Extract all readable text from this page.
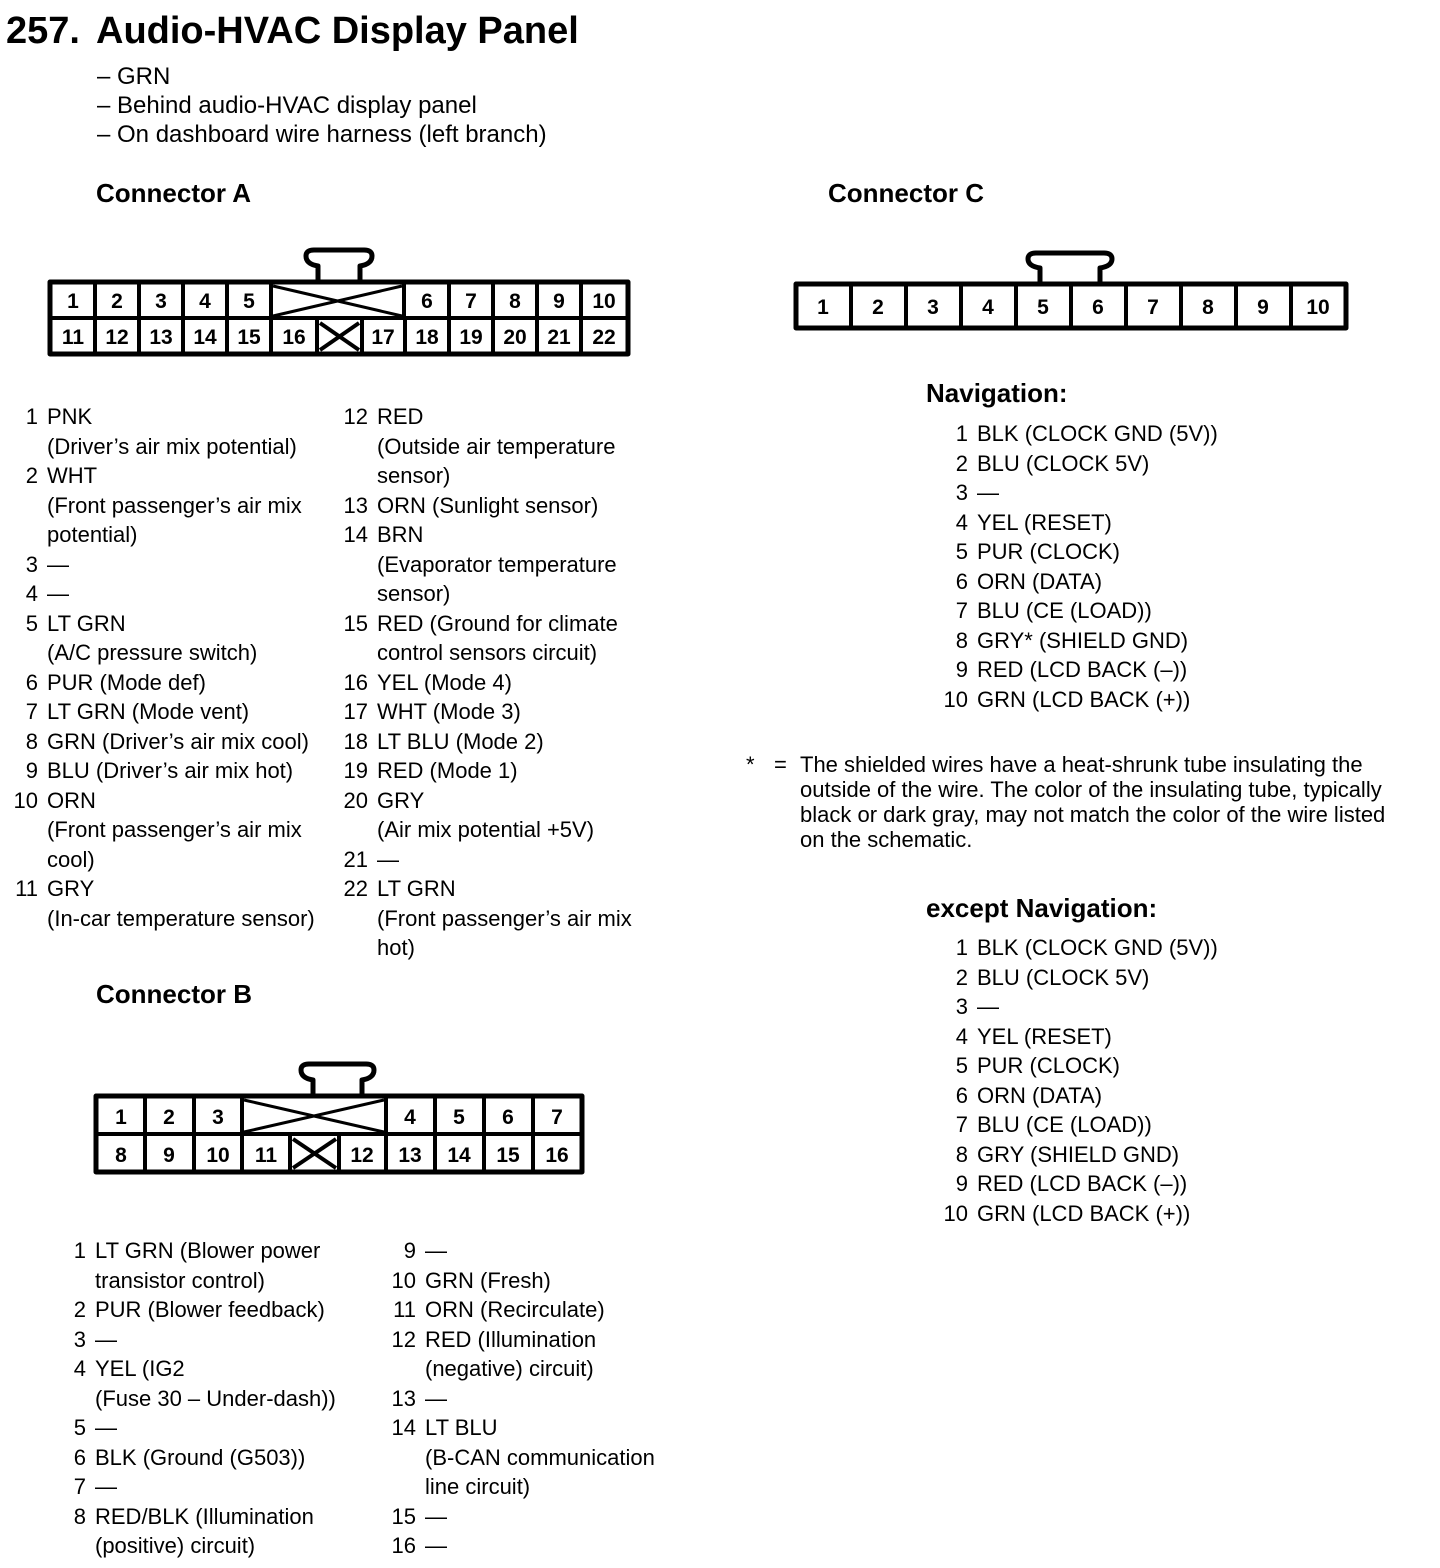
257. Audio-HVAC Display Panel
– GRN
– Behind audio-HVAC display panel
– On dashboard wire harness (left branch)
Connector A
1 2 3 4 5	6 7 8 9 10
11 12 13 14 15 16	17 18 19 20 21 22
1 2 3	4 5 6 7
8 9 10 11	12 13 14 15 16
1 2 3 4 5 6 7 8 9 10
1 PNK
(Driver’s air mix potential)
2 WHT
(Front passenger’s air mix
potential)
3 —
4 —
5 LT GRN
(A/C pressure switch)
6 PUR (Mode def)
7 LT GRN (Mode vent)
8 GRN (Driver’s air mix cool)
9 BLU (Driver’s air mix hot)
10 ORN
(Front passenger’s air mix
cool)
11 GRY
(In-car temperature sensor)
12 RED
(Outside air temperature
sensor)
13 ORN (Sunlight sensor)
14 BRN
(Evaporator temperature
sensor)
15 RED (Ground for climate
control sensors circuit)
16 YEL (Mode 4)
17 WHT (Mode 3)
18 LT BLU (Mode 2)
19 RED (Mode 1)
20 GRY
(Air mix potential +5V)
21 —
22 LT GRN
(Front passenger’s air mix
hot)
Connector B
1 LT GRN (Blower power
transistor control)
2 PUR (Blower feedback)
3 —
4 YEL (IG2
(Fuse 30 – Under-dash))
5 —
6 BLK (Ground (G503))
7 —
8 RED/BLK (Illumination
(positive) circuit)
9 —
10 GRN (Fresh)
11 ORN (Recirculate)
12 RED (Illumination
(negative) circuit)
13 —
14 LT BLU
(B-CAN communication
line circuit)
15 —
16 —
Connector C
Navigation:
1 BLK (CLOCK GND (5V))
2 BLU (CLOCK 5V)
3 —
4 YEL (RESET)
5 PUR (CLOCK)
6 ORN (DATA)
7 BLU (CE (LOAD))
8 GRY* (SHIELD GND)
9 RED (LCD BACK (–))
10 GRN (LCD BACK (+))
* = The shielded wires have a heat-shrunk tube insulating the outside of the wire. The color of the insulating tube, typically black or dark gray, may not match the color of the wire listed on the schematic.
except Navigation:
1 BLK (CLOCK GND (5V))
2 BLU (CLOCK 5V)
3 —
4 YEL (RESET)
5 PUR (CLOCK)
6 ORN (DATA)
7 BLU (CE (LOAD))
8 GRY (SHIELD GND)
9 RED (LCD BACK (–))
10 GRN (LCD BACK (+))
